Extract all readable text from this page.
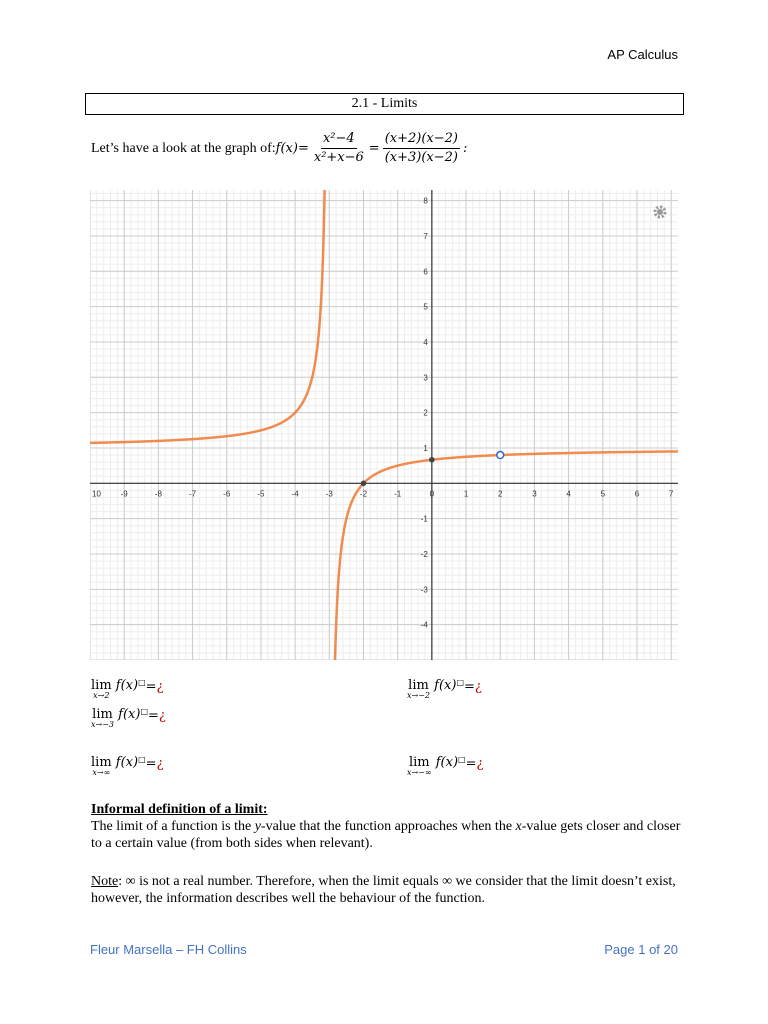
AP Calculus
2.1 - Limits
Let’s have a look at the graph of: $f(x)= \frac{\text{x²−4}}{\text{x²+x−6}} = \frac{(x+2)(x-2)}{(x+3)(x-2)}$ :
10 -9	-8	-7	-6	-5	-4	-3	-2	-1	0	1	2	3	4	5	6	7
8
7
6
5
4
3
2
1
-1
-2
-3
-4
lim
x→2
f(x)□=¿	lim
x→−2
f(x)□=¿
lim
x→−3
f(x)□=¿
lim
x→∞
f(x)□=¿	lim
x→−∞
f(x)□=¿
Informal definition of a limit:
The limit of a function is the y-value that the function approaches when the x-value gets closer and closer to a certain value (from both sides when relevant).
Note: ∞ is not a real number. Therefore, when the limit equals ∞ we consider that the limit doesn’t exist, however, the information describes well the behaviour of the function.
Fleur Marsella – FH Collins	Page 1 of 20
